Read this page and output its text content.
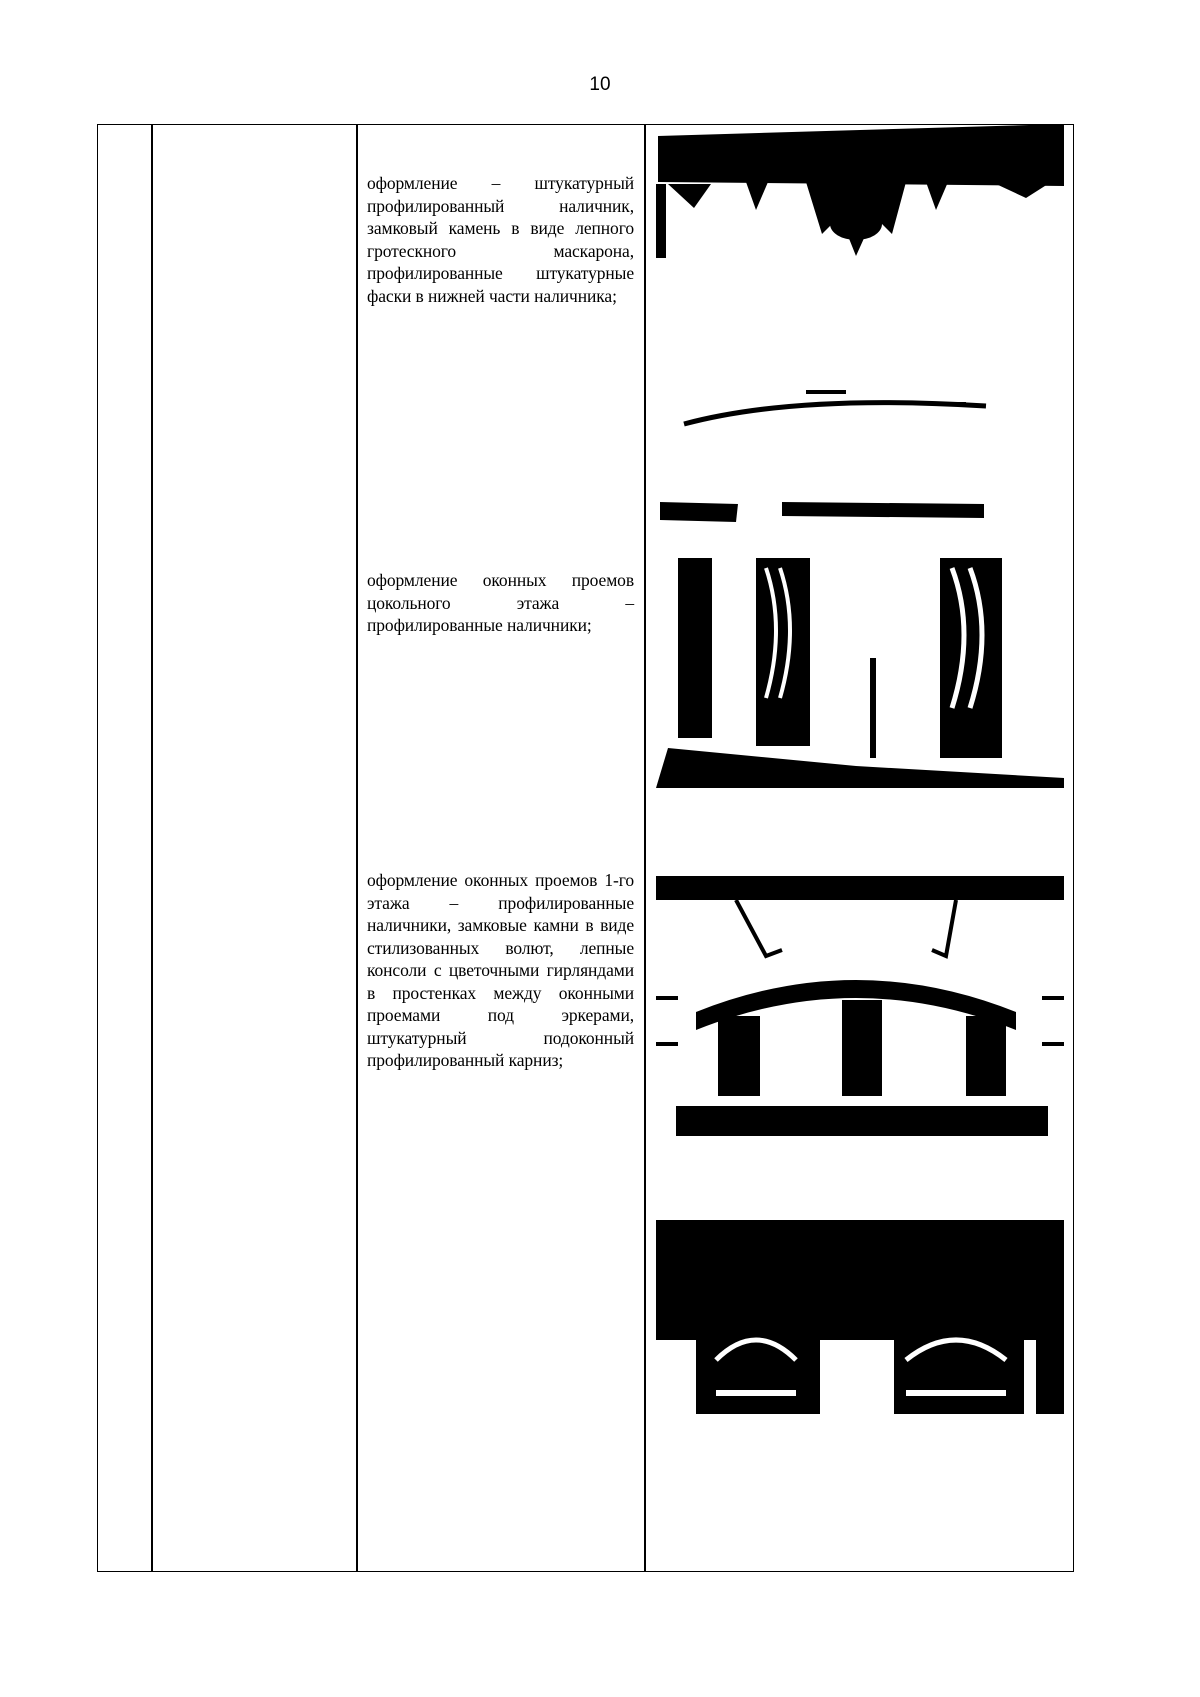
10
оформление – штукатурный профилированный наличник, замковый камень в виде лепного гротескного маскарона, профилированные штукатурные фаски в нижней части наличника;
оформление оконных проемов цокольного этажа – профилированные наличники;
оформление оконных проемов 1-го этажа – профилированные наличники, замковые камни в виде стилизованных волют, лепные консоли с цветочными гирляндами в простенках между оконными проемами под эркерами, штукатурный подоконный профилированный карниз;
